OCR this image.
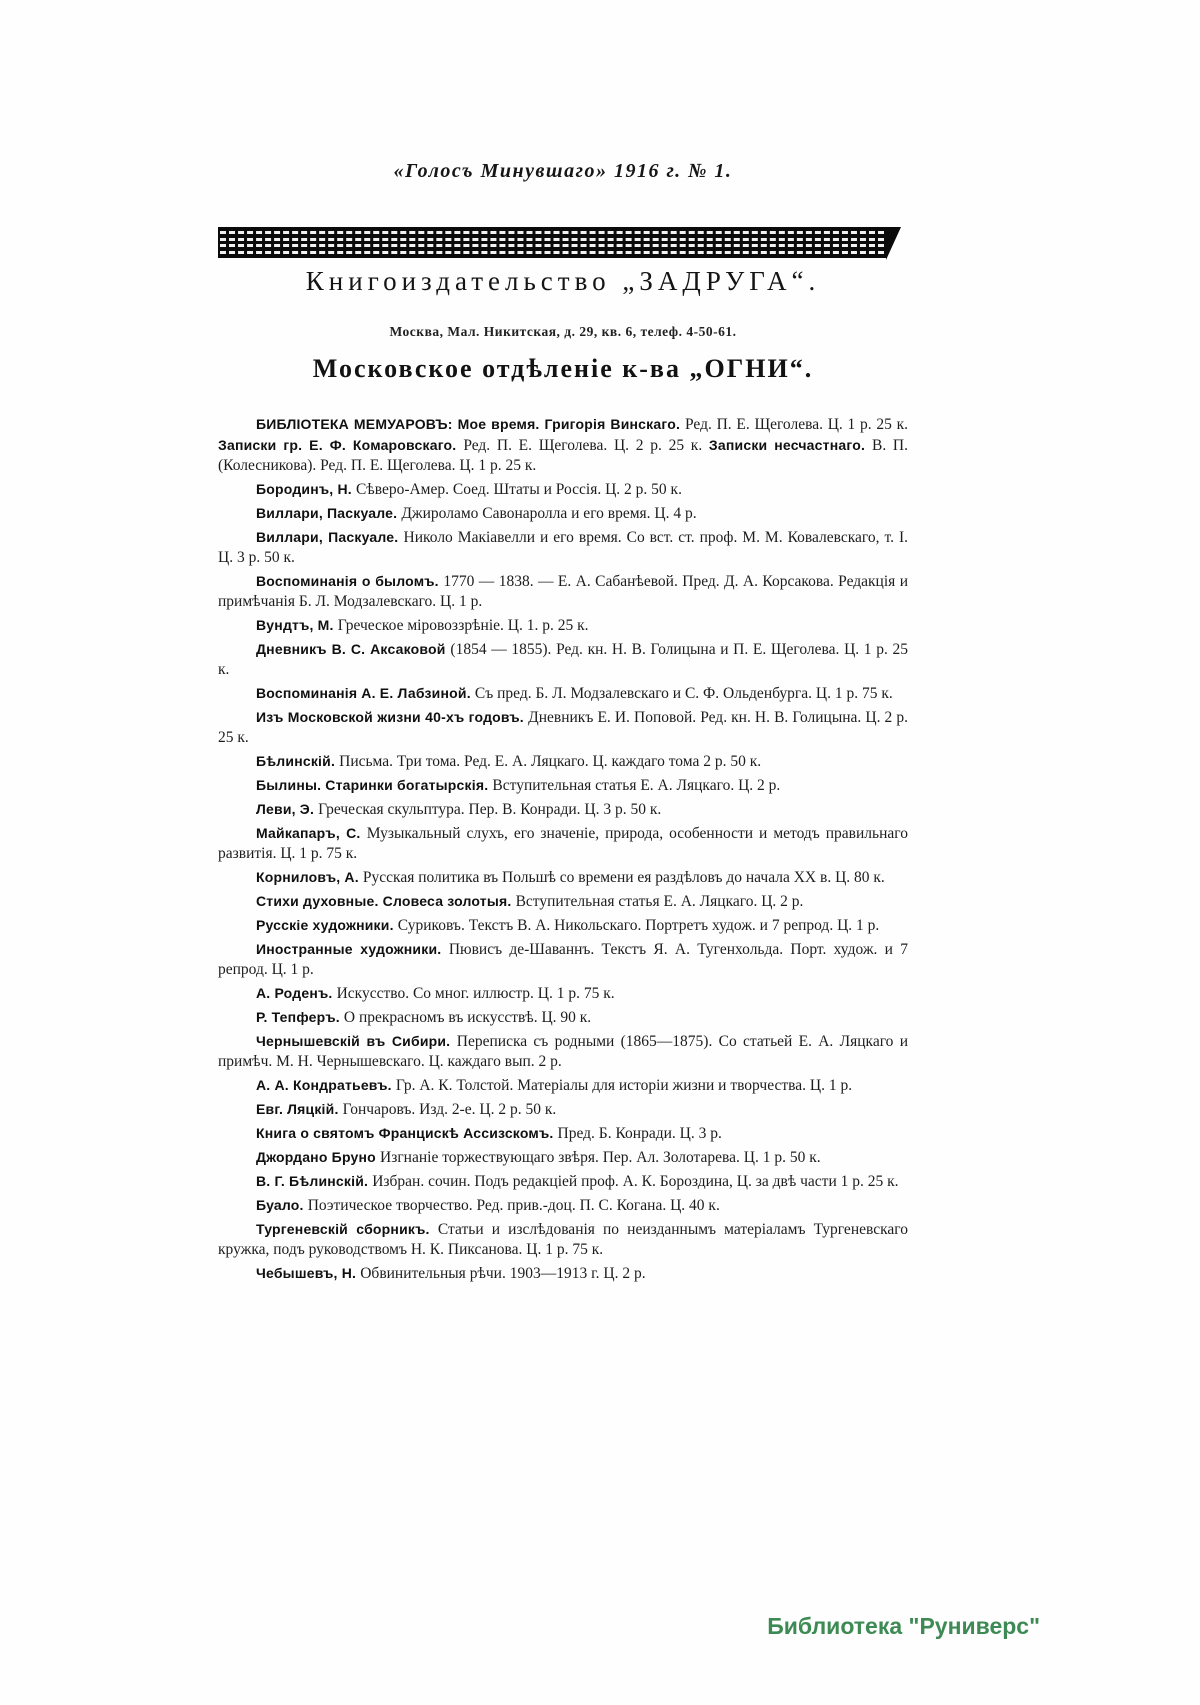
«Голосъ Минувшаго» 1916 г. № 1.
Книгоиздательство „ЗАДРУГА“.
Москва, Мал. Никитская, д. 29, кв. 6, телеф. 4-50-61.
Московское отдѣленіе к-ва „ОГНИ“.

БИБЛІОТЕКА МЕМУАРОВЪ: Мое время. Григорія Винскаго. Ред. П. Е. Щеголева. Ц. 1 р. 25 к. Записки гр. Е. Ф. Комаровскаго. Ред. П. Е. Щеголева. Ц. 2 р. 25 к. Записки несчастнаго. В. П. (Колесникова). Ред. П. Е. Щеголева. Ц. 1 р. 25 к.

Бородинъ, Н. Сѣверо-Амер. Соед. Штаты и Россія. Ц. 2 р. 50 к.

Виллари, Паскуале. Джироламо Савонаролла и его время. Ц. 4 р.

Виллари, Паскуале. Николо Макіавелли и его время. Со вст. ст. проф. М. М. Ковалевскаго, т. I. Ц. 3 р. 50 к.

Воспоминанія о быломъ. 1770 — 1838. — Е. А. Сабанѣевой. Пред. Д. А. Корсакова. Редакція и примѣчанія Б. Л. Модзалевскаго. Ц. 1 р.

Вундтъ, М. Греческое міровоззрѣніе. Ц. 1. р. 25 к.

Дневникъ В. С. Аксаковой (1854 — 1855). Ред. кн. Н. В. Голицына и П. Е. Щеголева. Ц. 1 р. 25 к.

Воспоминанія А. Е. Лабзиной. Съ пред. Б. Л. Модзалевскаго и С. Ф. Ольденбурга. Ц. 1 р. 75 к.

Изъ Московской жизни 40-хъ годовъ. Дневникъ Е. И. Поповой. Ред. кн. Н. В. Голицына. Ц. 2 р. 25 к.

Бѣлинскій. Письма. Три тома. Ред. Е. А. Ляцкаго. Ц. каждаго тома 2 р. 50 к.

Былины. Старинки богатырскія. Вступительная статья Е. А. Ляцкаго. Ц. 2 р.

Леви, Э. Греческая скульптура. Пер. В. Конради. Ц. 3 р. 50 к.

Майкапаръ, С. Музыкальный слухъ, его значеніе, природа, особенности и методъ правильнаго развитія. Ц. 1 р. 75 к.

Корниловъ, А. Русская политика въ Польшѣ со времени ея раздѣловъ до начала XX в. Ц. 80 к.

Стихи духовные. Словеса золотыя. Вступительная статья Е. А. Ляцкаго. Ц. 2 р.

Русскіе художники. Суриковъ. Текстъ В. А. Никольскаго. Портретъ худож. и 7 репрод. Ц. 1 р.

Иностранные художники. Пювисъ де-Шаваннъ. Текстъ Я. А. Тугенхольда. Порт. худож. и 7 репрод. Ц. 1 р.

А. Роденъ. Искусство. Со мног. иллюстр. Ц. 1 р. 75 к.

Р. Тепферъ. О прекрасномъ въ искусствѣ. Ц. 90 к.

Чернышевскій въ Сибири. Переписка съ родными (1865—1875). Со статьей Е. А. Ляцкаго и примѣч. М. Н. Чернышевскаго. Ц. каждаго вып. 2 р.

А. А. Кондратьевъ. Гр. А. К. Толстой. Матеріалы для исторіи жизни и творчества. Ц. 1 р.

Евг. Ляцкій. Гончаровъ. Изд. 2-е. Ц. 2 р. 50 к.

Книга о святомъ Францискѣ Ассизскомъ. Пред. Б. Конради. Ц. 3 р.

Джордано Бруно Изгнаніе торжествующаго звѣря. Пер. Ал. Золотарева. Ц. 1 р. 50 к.

В. Г. Бѣлинскій. Избран. сочин. Подъ редакціей проф. А. К. Бороздина, Ц. за двѣ части 1 р. 25 к.

Буало. Поэтическое творчество. Ред. прив.-доц. П. С. Когана. Ц. 40 к.

Тургеневскій сборникъ. Статьи и изслѣдованія по неизданнымъ матеріаламъ Тургеневскаго кружка, подъ руководствомъ Н. К. Пиксанова. Ц. 1 р. 75 к.

Чебышевъ, Н. Обвинительныя рѣчи. 1903—1913 г. Ц. 2 р.

Библиотека "Руниверс"
